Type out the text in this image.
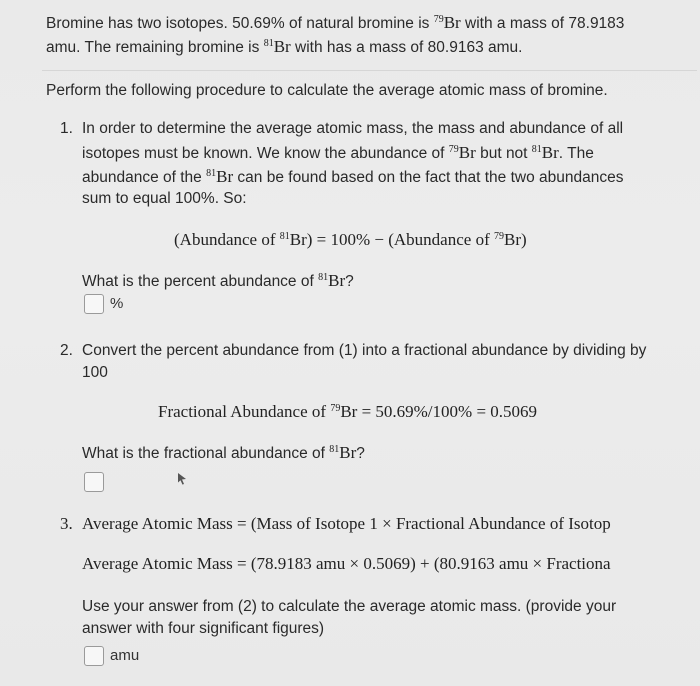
Bromine has two isotopes. 50.69% of natural bromine is $^{79}$Br with a mass of 78.9183
amu. The remaining bromine is $^{81}$Br with has a mass of 80.9163 amu.
Perform the following procedure to calculate the average atomic mass of bromine.
1. In order to determine the average atomic mass, the mass and abundance of all
isotopes must be known. We know the abundance of $^{79}$Br but not $^{81}$Br. The
abundance of the $^{81}$Br can be found based on the fact that the two abundances
sum to equal 100%. So:
(Abundance of $^{81}$Br) = 100% − (Abundance of $^{79}$Br)
What is the percent abundance of $^{81}$Br?
%
2. Convert the percent abundance from (1) into a fractional abundance by dividing by
100
Fractional Abundance of $^{79}$Br = 50.69%/100% = 0.5069
What is the fractional abundance of $^{81}$Br?
3. Average Atomic Mass = (Mass of Isotope 1 × Fractional Abundance of Isotop
Average Atomic Mass = (78.9183 amu × 0.5069) + (80.9163 amu × Fractiona
Use your answer from (2) to calculate the average atomic mass. (provide your
answer with four significant figures)
amu
